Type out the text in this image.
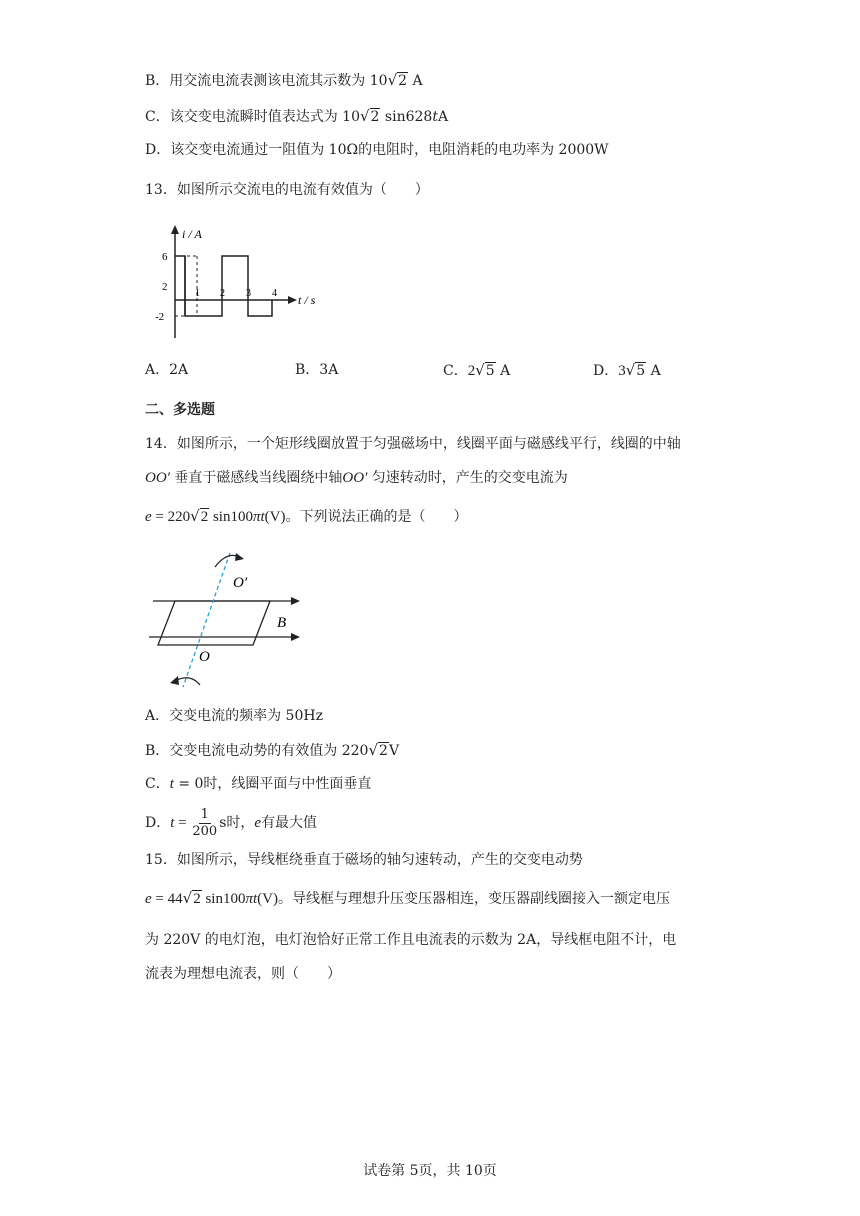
B．用交流电流表测该电流其示数为 10√2 A
C．该交变电流瞬时值表达式为 10√2 sin628tA
D．该交变电流通过一阻值为 10Ω的电阻时，电阻消耗的电功率为 2000W
13．如图所示交流电的电流有效值为（　　）
i / A
t / s
6
2
-2
1 2 3 4
A．2A	B．3A	C．2√5 A	D．3√5 A
二、多选题
14．如图所示，一个矩形线圈放置于匀强磁场中，线圈平面与磁感线平行，线圈的中轴
OO′ 垂直于磁感线当线圈绕中轴OO′ 匀速转动时，产生的交变电流为
e = 220√2 sin100πt(V)。下列说法正确的是（　　）
O′
O
B
A．交变电流的频率为 50Hz
B．交变电流电动势的有效值为 220√2V
C．t = 0时，线圈平面与中性面垂直
D．$t = \frac{1}{200}$ s时，e有最大值
15．如图所示，导线框绕垂直于磁场的轴匀速转动，产生的交变电动势
e = 44√2 sin100πt(V)。导线框与理想升压变压器相连，变压器副线圈接入一额定电压
为 220V 的电灯泡，电灯泡恰好正常工作且电流表的示数为 2A，导线框电阻不计，电
流表为理想电流表，则（　　）
试卷第 5页，共 10页
